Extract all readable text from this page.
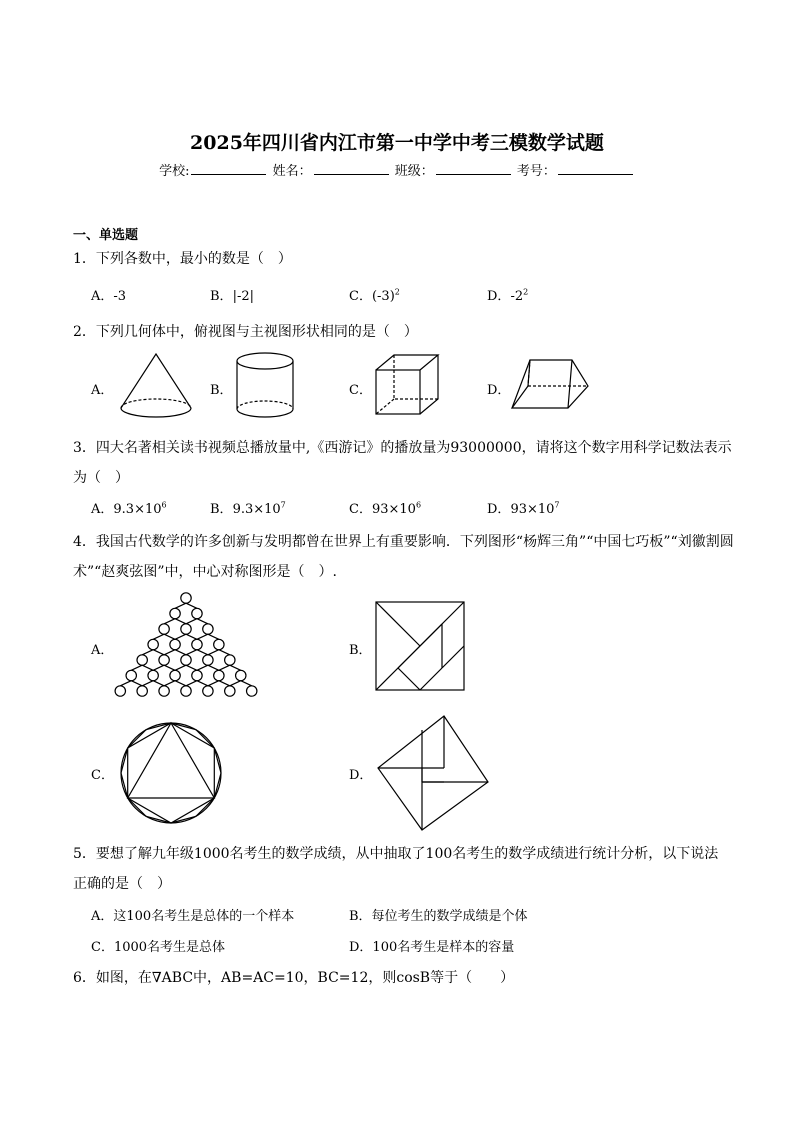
2025年四川省内江市第一中学中考三模数学试题
学校:	姓名：	班级：	考号：
一、单选题
1．下列各数中，最小的数是（　）
A．-3	B．|-2|	C．$(-3)^2$	D．$-2^2$
2．下列几何体中，俯视图与主视图形状相同的是（　）
A．	B．	C．	D．
3．四大名著相关读书视频总播放量中,《西游记》的播放量为93000000，请将这个数字用科学记数法表示
为（　）
A．$9.3\times 10^6$	B．$9.3\times 10^7$	C．$93\times 10^6$	D．$93\times 10^7$
4．我国古代数学的许多创新与发明都曾在世界上有重要影响．下列图形“杨辉三角”“中国七巧板”“刘徽割圆
术”“赵爽弦图”中，中心对称图形是（　）.
A．	B．
C．	D．
5．要想了解九年级1000名考生的数学成绩，从中抽取了100名考生的数学成绩进行统计分析，以下说法
正确的是（　）
A．这100名考生是总体的一个样本	B．每位考生的数学成绩是个体
C．1000名考生是总体	D．100名考生是样本的容量
6．如图，在∇ABC中，AB=AC=10，BC=12，则cosB等于（　　）
